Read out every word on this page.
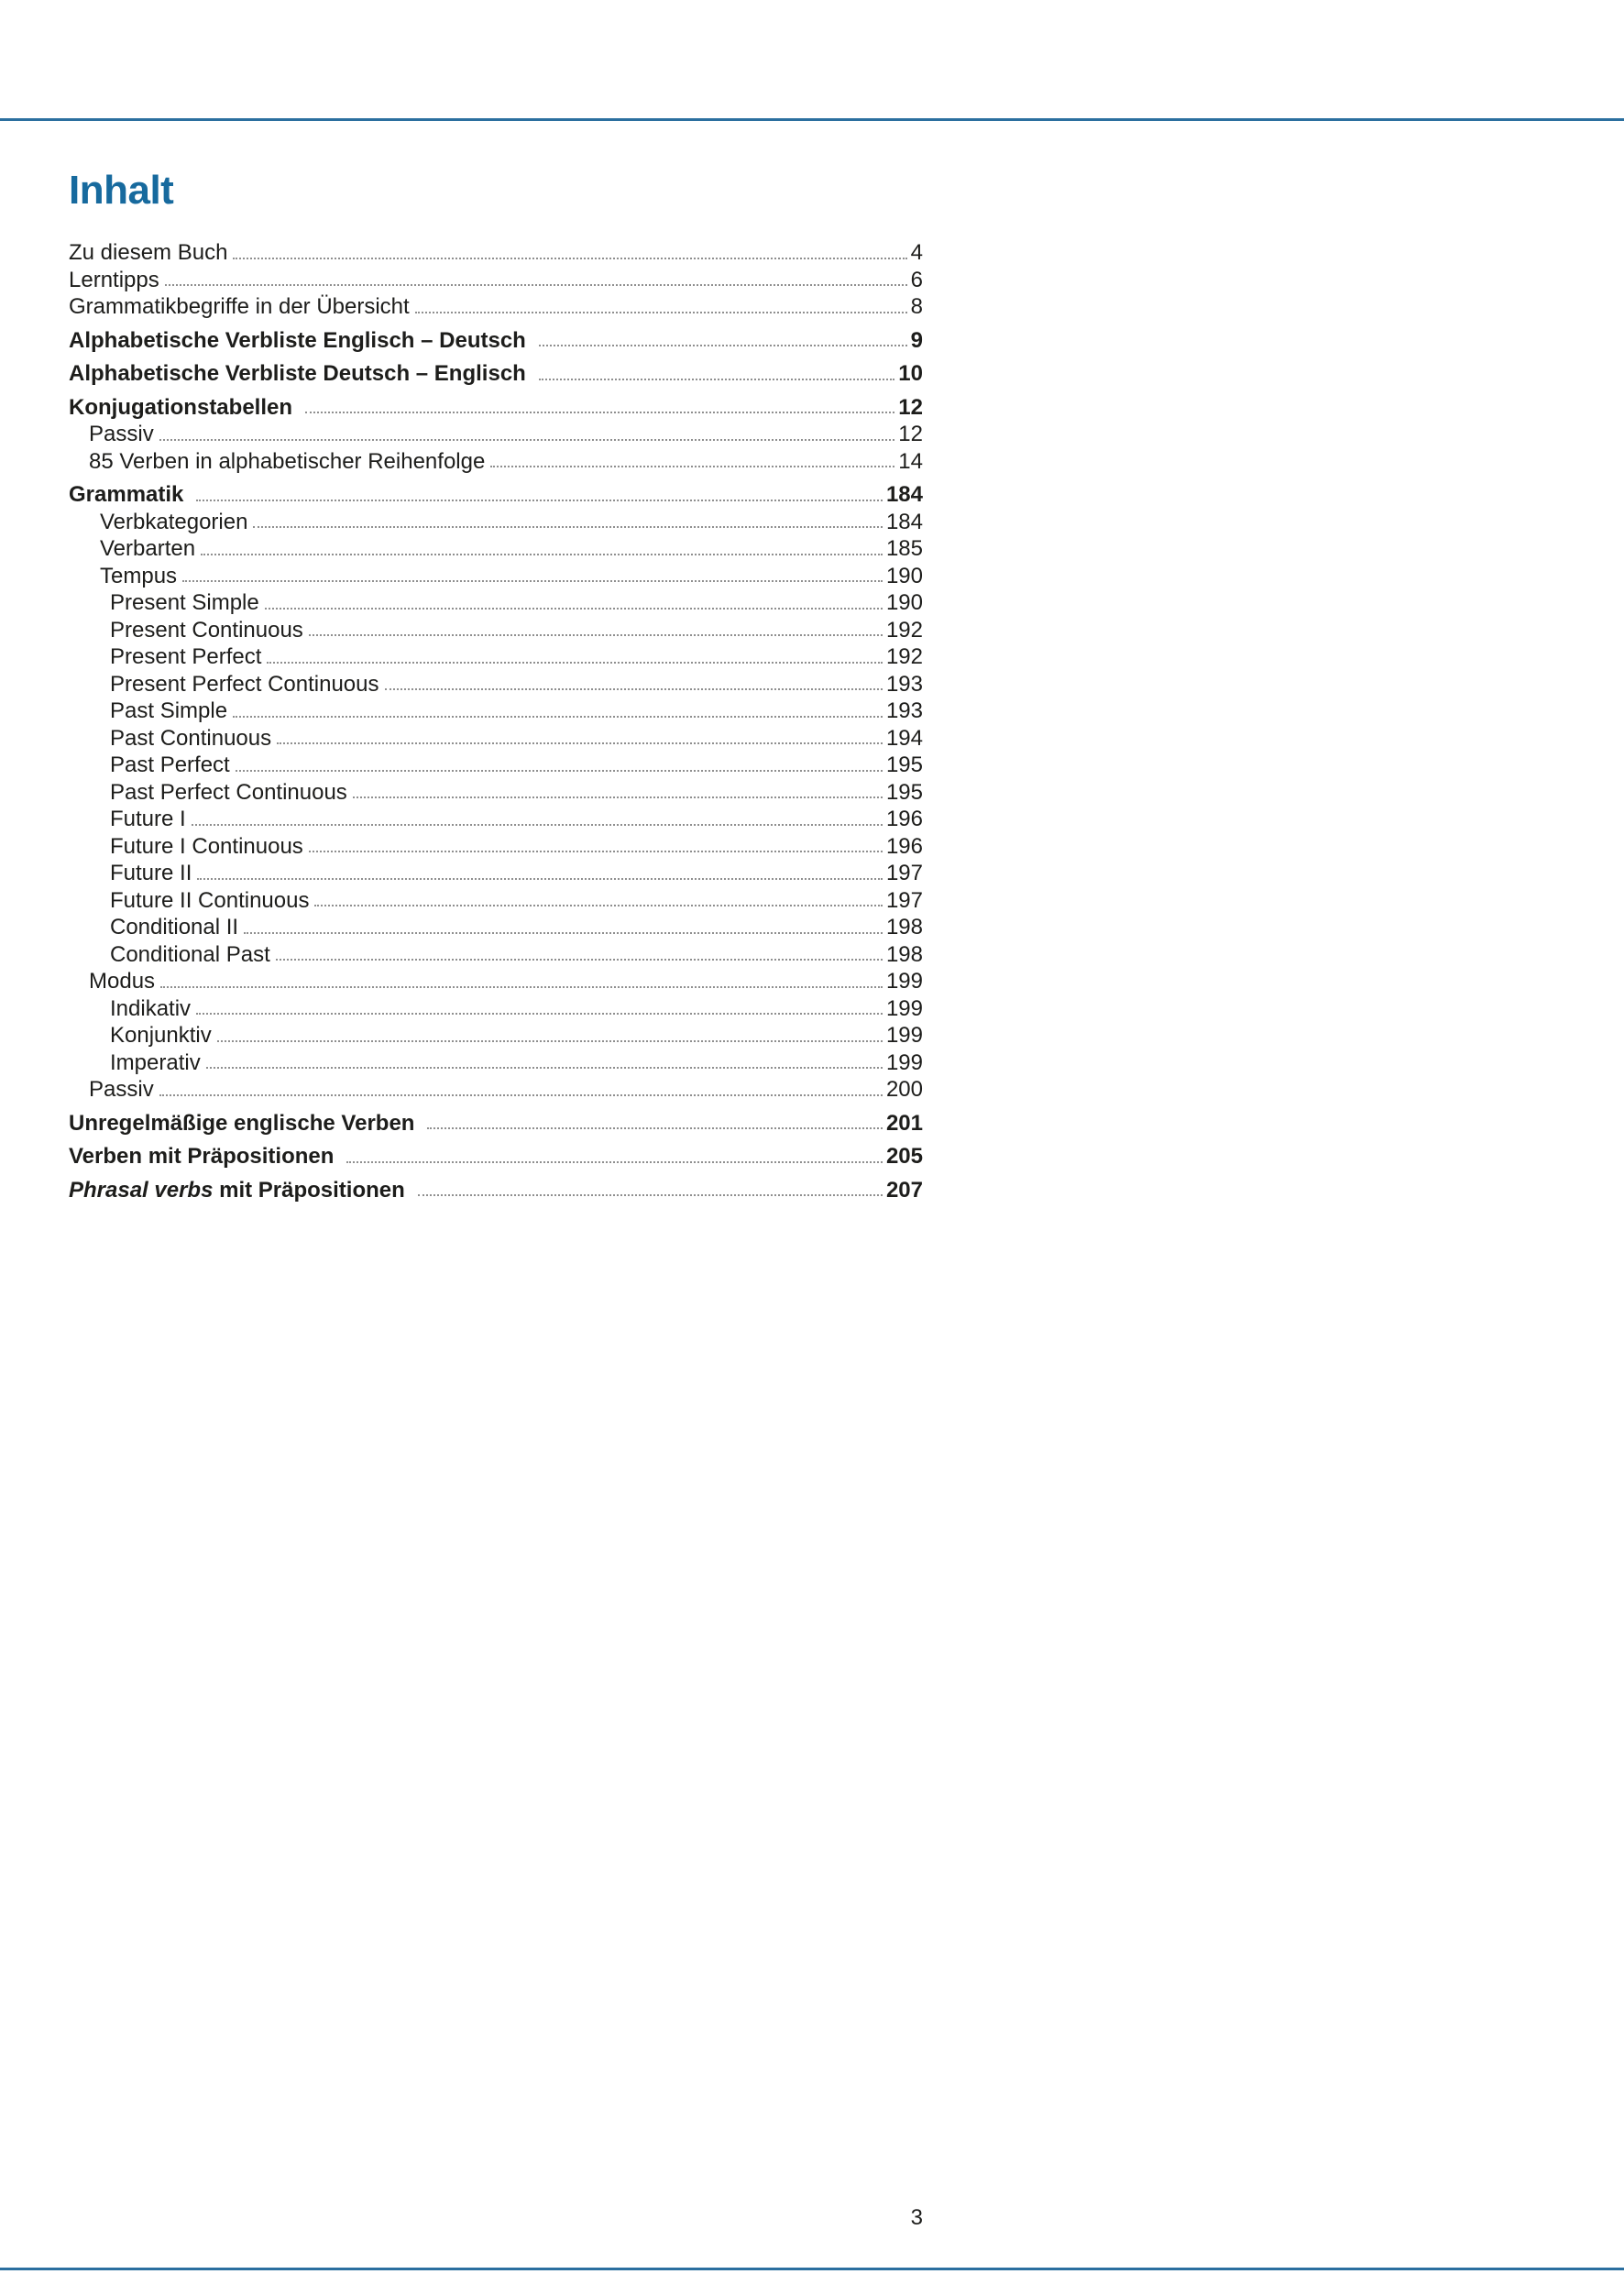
Inhalt
Zu diesem Buch	4
Lerntipps	6
Grammatikbegriffe in der Übersicht	8
Alphabetische Verbliste Englisch – Deutsch	9
Alphabetische Verbliste Deutsch – Englisch	10
Konjugationstabellen	12
Passiv	12
85 Verben in alphabetischer Reihenfolge	14
Grammatik	184
Verbkategorien	184
Verbarten	185
Tempus	190
Present Simple	190
Present Continuous	192
Present Perfect	192
Present Perfect Continuous	193
Past Simple	193
Past Continuous	194
Past Perfect	195
Past Perfect Continuous	195
Future I	196
Future I Continuous	196
Future II	197
Future II Continuous	197
Conditional II	198
Conditional Past	198
Modus	199
Indikativ	199
Konjunktiv	199
Imperativ	199
Passiv	200
Unregelmäßige englische Verben	201
Verben mit Präpositionen	205
Phrasal verbs mit Präpositionen	207
3
